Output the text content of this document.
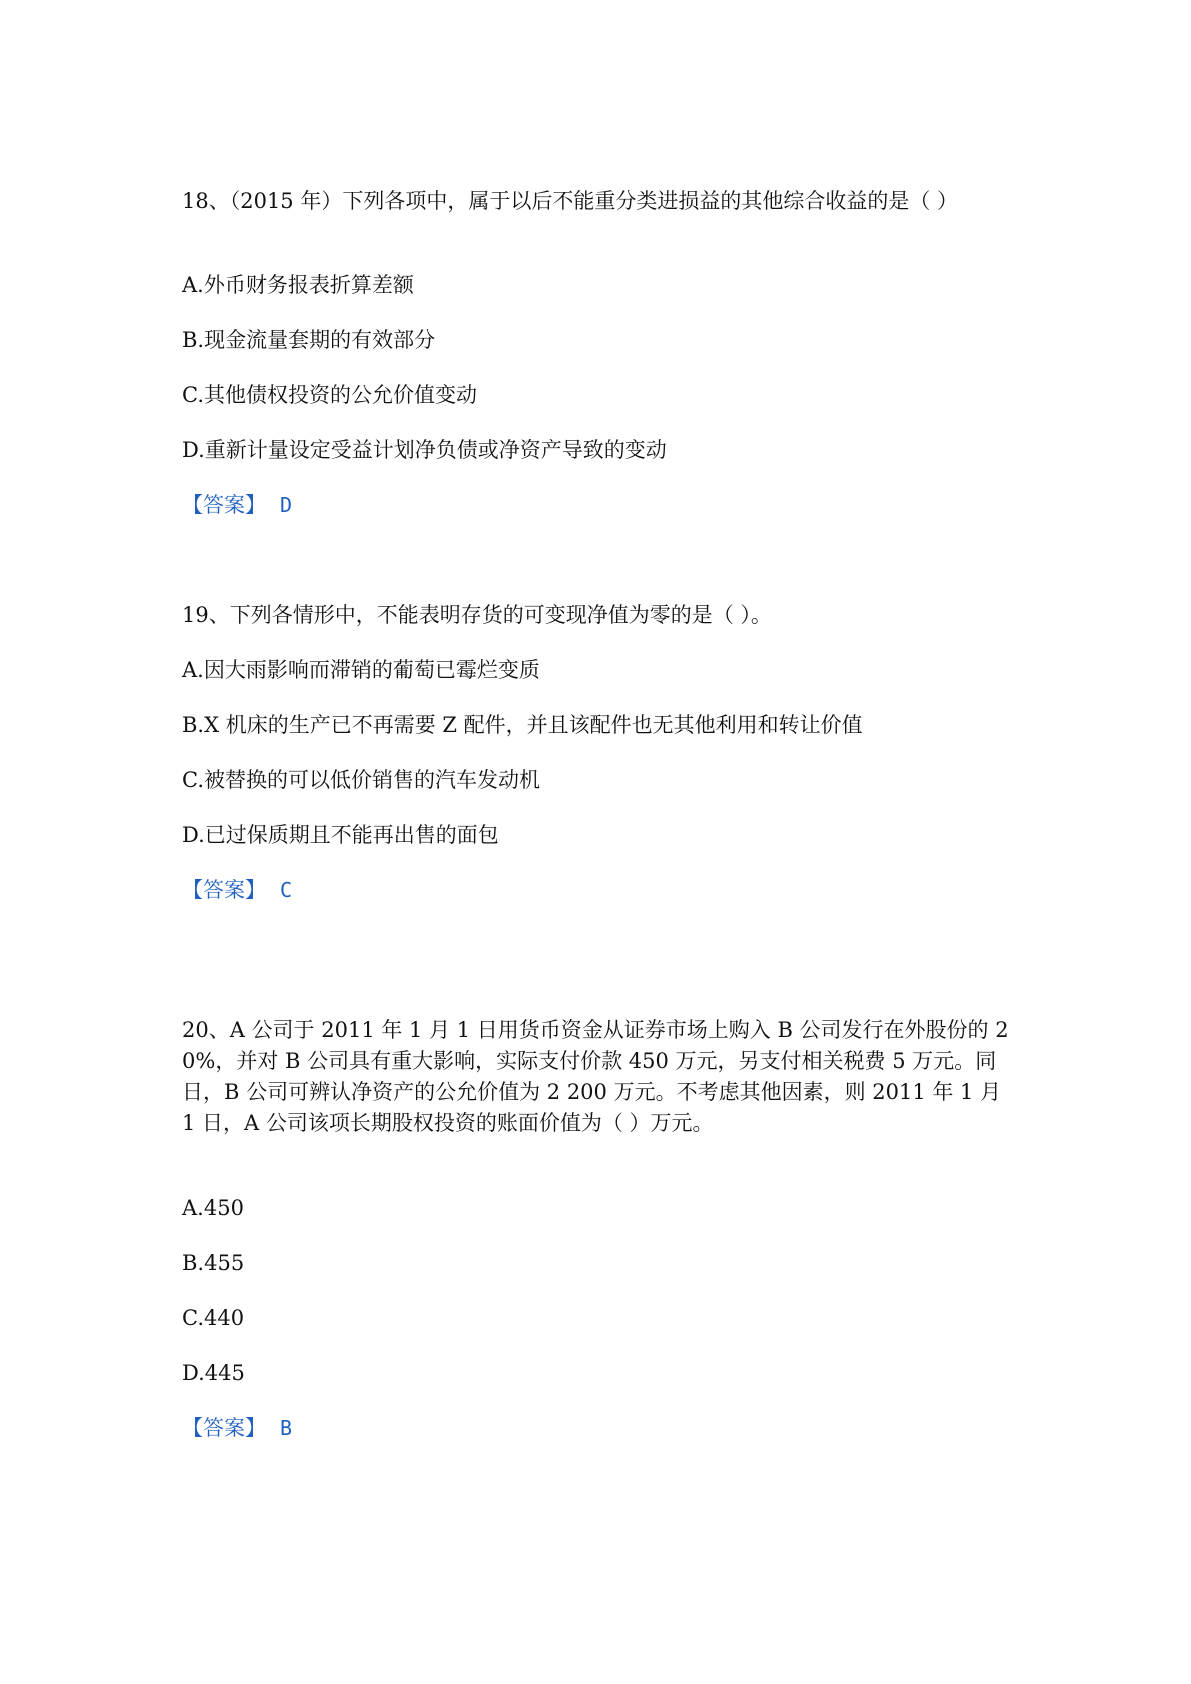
18、（2015 年）下列各项中，属于以后不能重分类进损益的其他综合收益的是（ ）

A.外币财务报表折算差额
B.现金流量套期的有效部分
C.其他债权投资的公允价值变动
D.重新计量设定受益计划净负债或净资产导致的变动
【答案】 D

19、下列各情形中，不能表明存货的可变现净值为零的是（ ）。

A.因大雨影响而滞销的葡萄已霉烂变质
B.X 机床的生产已不再需要 Z 配件，并且该配件也无其他利用和转让价值
C.被替换的可以低价销售的汽车发动机
D.已过保质期且不能再出售的面包
【答案】 C

20、A 公司于 2011 年 1 月 1 日用货币资金从证券市场上购入 B 公司发行在外股份的 20%，并对 B 公司具有重大影响，实际支付价款 450 万元，另支付相关税费 5 万元。同日，B 公司可辨认净资产的公允价值为 2 200 万元。不考虑其他因素，则 2011 年 1 月 1 日，A 公司该项长期股权投资的账面价值为（ ）万元。

A.450
B.455
C.440
D.445
【答案】 B
